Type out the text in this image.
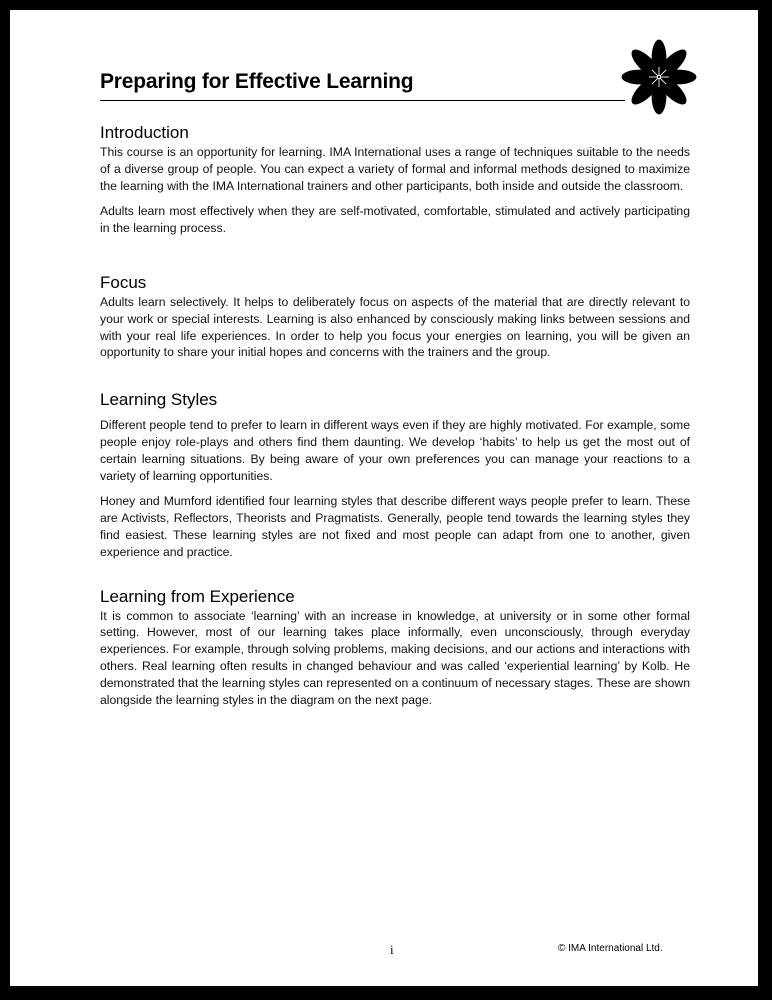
Preparing for Effective Learning
Introduction

This course is an opportunity for learning. IMA International uses a range of techniques suitable to the needs of a diverse group of people. You can expect a variety of formal and informal methods designed to maximize the learning with the IMA International trainers and other participants, both inside and outside the classroom.

Adults learn most effectively when they are self-motivated, comfortable, stimulated and actively participating in the learning process.

Focus

Adults learn selectively. It helps to deliberately focus on aspects of the material that are directly relevant to your work or special interests. Learning is also enhanced by consciously making links between sessions and with your real life experiences. In order to help you focus your energies on learning, you will be given an opportunity to share your initial hopes and concerns with the trainers and the group.

Learning Styles

Different people tend to prefer to learn in different ways even if they are highly motivated. For example, some people enjoy role-plays and others find them daunting. We develop ‘habits’ to help us get the most out of certain learning situations. By being aware of your own preferences you can manage your reactions to a variety of learning opportunities.

Honey and Mumford identified four learning styles that describe different ways people prefer to learn. These are Activists, Reflectors, Theorists and Pragmatists. Generally, people tend towards the learning styles they find easiest. These learning styles are not fixed and most people can adapt from one to another, given experience and practice.

Learning from Experience

It is common to associate ‘learning’ with an increase in knowledge, at university or in some other formal setting. However, most of our learning takes place informally, even unconsciously, through everyday experiences. For example, through solving problems, making decisions, and our actions and interactions with others. Real learning often results in changed behaviour and was called ‘experiential learning’ by Kolb. He demonstrated that the learning styles can represented on a continuum of necessary stages. These are shown alongside the learning styles in the diagram on the next page.

i	© IMA International Ltd.
